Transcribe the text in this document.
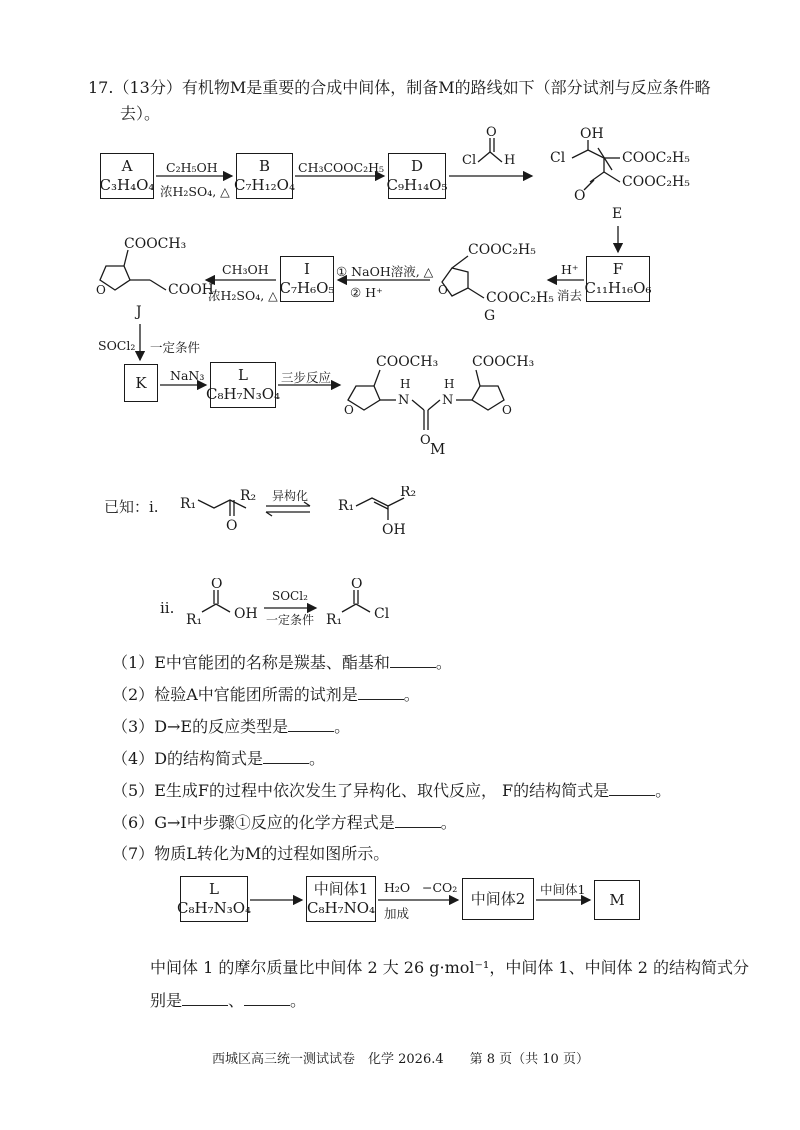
17.（13分）有机物M是重要的合成中间体，制备M的路线如下（部分试剂与反应条件略
去）。
A
C₃H₄O₄
C₂H₅OH
浓H₂SO₄, △
B
C₇H₁₂O₄
CH₃COOC₂H₅ D
C₉H₁₄O₅
F
C₁₁H₁₆O₆
H⁺
消去
① NaOH溶液, △
② H⁺
I
C₇H₆O₅
CH₃OH
浓H₂SO₄, △
SOCl₂ 一定条件
K NaN₃ L
C₈H₇N₃O₄
三步反应
Cl
O
H
OH
Cl	COOC₂H₅
COOC₂H₅
O
E
COOC₂H₅
COOC₂H₅
O
G
COOCH₃
COOH
O
J
COOCH₃ COOCH₃
O	O
N
H
N
H
O M
已知：i. R₁	R₂
O
异构化
R₁
R₂
OH
ii.
R₁
O
OH
SOCl₂
一定条件 R₁
O
Cl
（1）E中官能团的名称是羰基、酯基和	。
（2）检验A中官能团所需的试剂是	。
（3）D→E的反应类型是	。
（4）D的结构简式是	。
（5）E生成F的过程中依次发生了异构化、取代反应， F的结构简式是	。
（6）G→I中步骤①反应的化学方程式是	。
（7）物质L转化为M的过程如图所示。
L
C₈H₇N₃O₄
中间体1
C₈H₇NO₄
H₂O
加成
−CO₂
中间体2 中间体1
M
中间体 1 的摩尔质量比中间体 2 大 26 g·mol⁻¹，中间体 1、中间体 2 的结构简式分
别是	、	。
西城区高三统一测试试卷　化学 2026.4　　第 8 页（共 10 页）
